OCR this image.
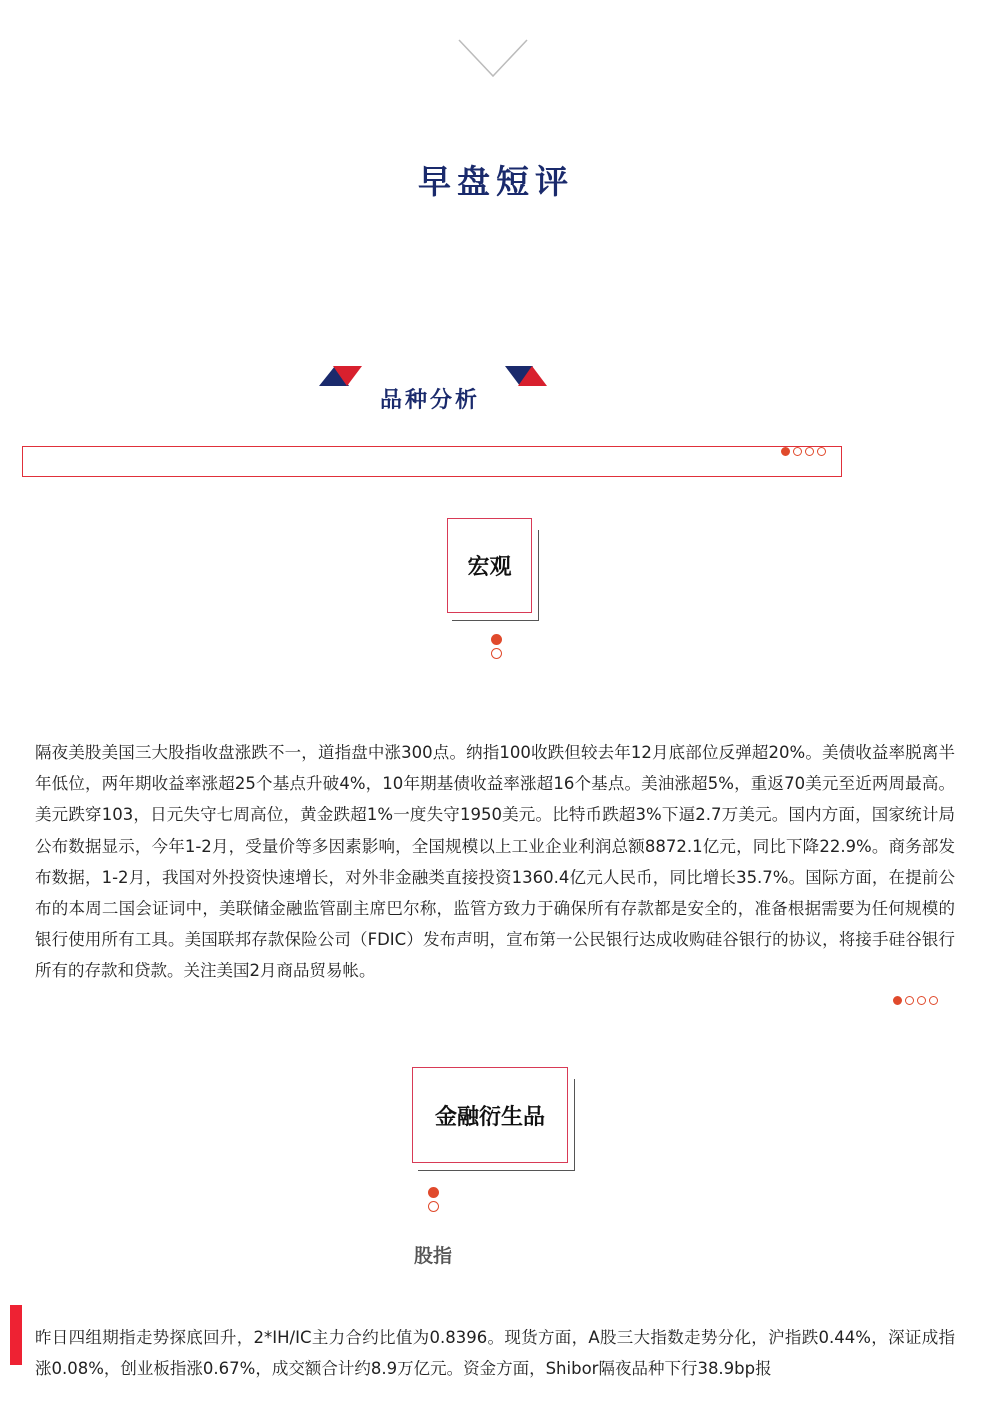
早盘短评
品种分析
宏观
隔夜美股美国三大股指收盘涨跌不一，道指盘中涨300点。纳指100收跌但较去年12月底部位反弹超20%。美债收益率脱离半年低位，两年期收益率涨超25个基点升破4%，10年期基债收益率涨超16个基点。美油涨超5%，重返70美元至近两周最高。美元跌穿103，日元失守七周高位，黄金跌超1%一度失守1950美元。比特币跌超3%下逼2.7万美元。国内方面，国家统计局公布数据显示，今年1-2月，受量价等多因素影响，全国规模以上工业企业利润总额8872.1亿元，同比下降22.9%。商务部发布数据，1-2月，我国对外投资快速增长，对外非金融类直接投资1360.4亿元人民币，同比增长35.7%。国际方面，在提前公布的本周二国会证词中，美联储金融监管副主席巴尔称，监管方致力于确保所有存款都是安全的，准备根据需要为任何规模的银行使用所有工具。美国联邦存款保险公司（FDIC）发布声明，宣布第一公民银行达成收购硅谷银行的协议，将接手硅谷银行所有的存款和贷款。关注美国2月商品贸易帐。
金融衍生品
股指
昨日四组期指走势探底回升，2*IH/IC主力合约比值为0.8396。现货方面，A股三大指数走势分化，沪指跌0.44%，深证成指涨0.08%，创业板指涨0.67%，成交额合计约8.9万亿元。资金方面，Shibor隔夜品种下行38.9bp报
